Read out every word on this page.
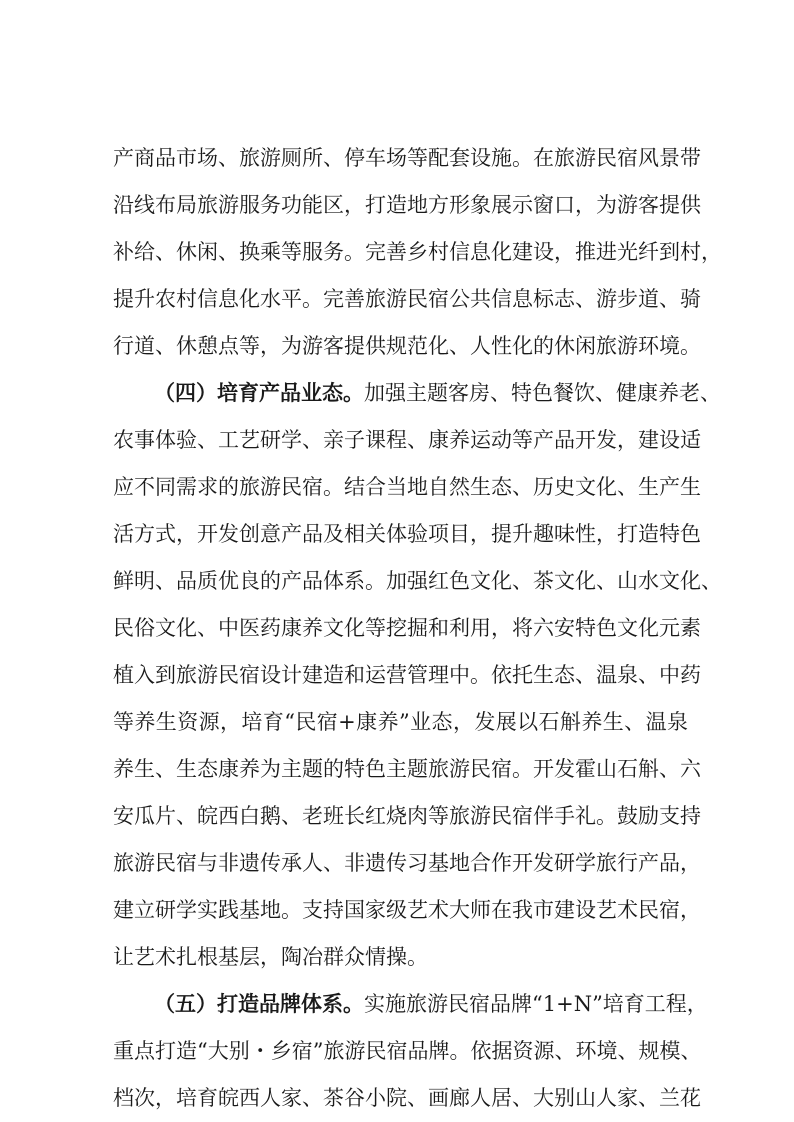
产商品市场、旅游厕所、停车场等配套设施。在旅游民宿风景带
沿线布局旅游服务功能区，打造地方形象展示窗口，为游客提供
补给、休闲、换乘等服务。完善乡村信息化建设，推进光纤到村，
提升农村信息化水平。完善旅游民宿公共信息标志、游步道、骑
行道、休憩点等，为游客提供规范化、人性化的休闲旅游环境。
（四）培育产品业态。加强主题客房、特色餐饮、健康养老、
农事体验、工艺研学、亲子课程、康养运动等产品开发，建设适
应不同需求的旅游民宿。结合当地自然生态、历史文化、生产生
活方式，开发创意产品及相关体验项目，提升趣味性，打造特色
鲜明、品质优良的产品体系。加强红色文化、茶文化、山水文化、
民俗文化、中医药康养文化等挖掘和利用，将六安特色文化元素
植入到旅游民宿设计建造和运营管理中。依托生态、温泉、中药
等养生资源，培育“民宿+康养”业态，发展以石斛养生、温泉
养生、生态康养为主题的特色主题旅游民宿。开发霍山石斛、六
安瓜片、皖西白鹅、老班长红烧肉等旅游民宿伴手礼。鼓励支持
旅游民宿与非遗传承人、非遗传习基地合作开发研学旅行产品，
建立研学实践基地。支持国家级艺术大师在我市建设艺术民宿，
让艺术扎根基层，陶冶群众情操。
（五）打造品牌体系。实施旅游民宿品牌“1+N”培育工程，
重点打造“大别・乡宿”旅游民宿品牌。依据资源、环境、规模、
档次，培育皖西人家、茶谷小院、画廊人居、大别山人家、兰花
